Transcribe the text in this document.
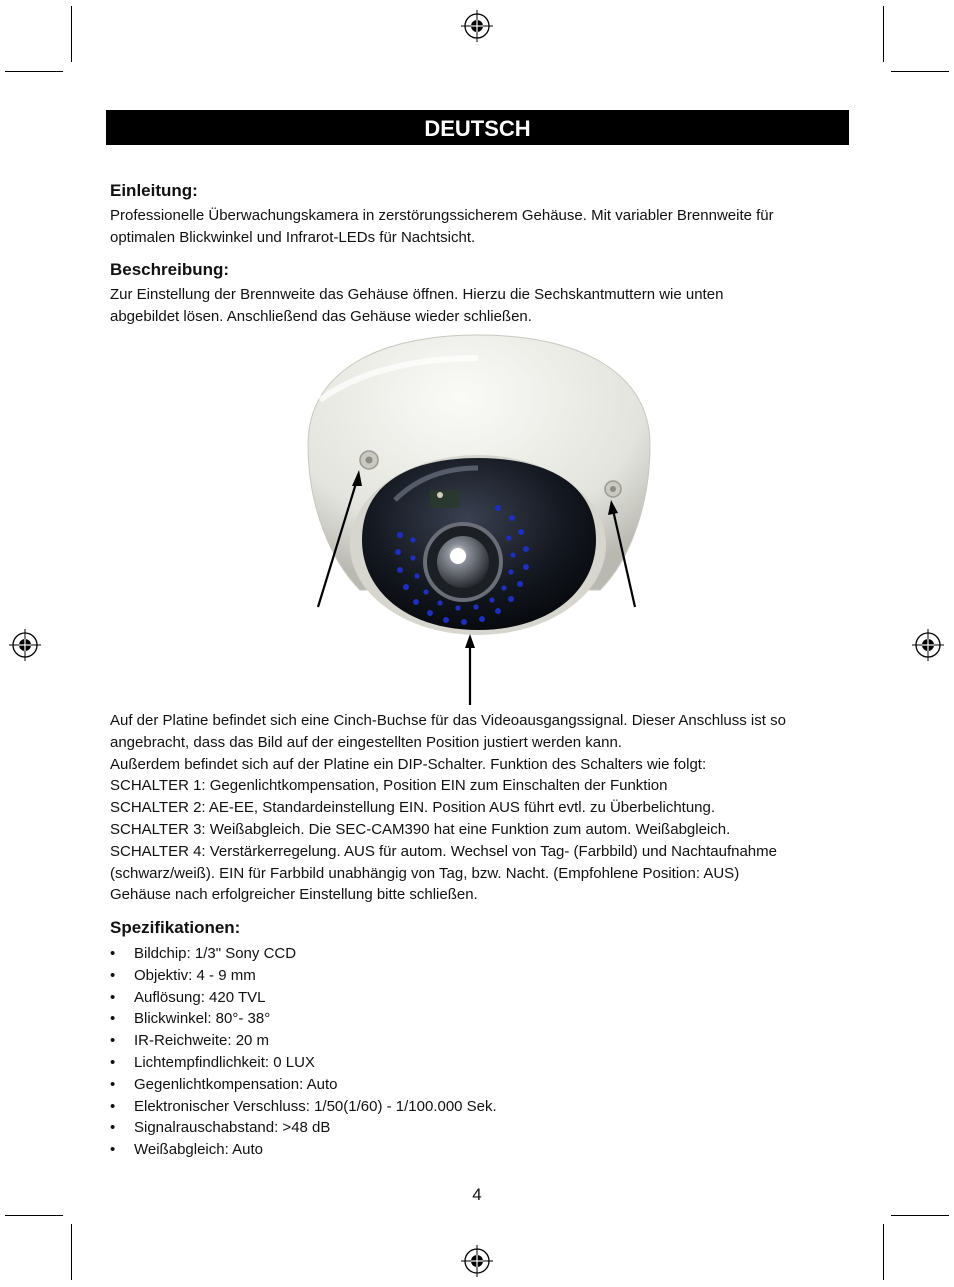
DEUTSCH
Einleitung:
Professionelle Überwachungskamera in zerstörungssicherem Gehäuse. Mit variabler Brennweite für
optimalen Blickwinkel und Infrarot-LEDs für Nachtsicht.
Beschreibung:
Zur Einstellung der Brennweite das Gehäuse öffnen. Hierzu die Sechskantmuttern wie unten
abgebildet lösen. Anschließend das Gehäuse wieder schließen.
Auf der Platine befindet sich eine Cinch-Buchse für das Videoausgangssignal. Dieser Anschluss ist so
angebracht, dass das Bild auf der eingestellten Position justiert werden kann.
Außerdem befindet sich auf der Platine ein DIP-Schalter. Funktion des Schalters wie folgt:
SCHALTER 1: Gegenlichtkompensation, Position EIN zum Einschalten der Funktion
SCHALTER 2: AE-EE, Standardeinstellung EIN. Position AUS führt evtl. zu Überbelichtung.
SCHALTER 3: Weißabgleich. Die SEC-CAM390 hat eine Funktion zum autom. Weißabgleich.
SCHALTER 4: Verstärkerregelung. AUS für autom. Wechsel von Tag- (Farbbild) und Nachtaufnahme
(schwarz/weiß). EIN für Farbbild unabhängig von Tag, bzw. Nacht. (Empfohlene Position: AUS)
Gehäuse nach erfolgreicher Einstellung bitte schließen.
Spezifikationen:
• Bildchip: 1/3" Sony CCD
• Objektiv: 4 - 9 mm
• Auflösung: 420 TVL
• Blickwinkel: 80°- 38°
• IR-Reichweite: 20 m
• Lichtempfindlichkeit: 0 LUX
• Gegenlichtkompensation: Auto
• Elektronischer Verschluss: 1/50(1/60) - 1/100.000 Sek.
• Signalrauschabstand: >48 dB
• Weißabgleich: Auto
4
